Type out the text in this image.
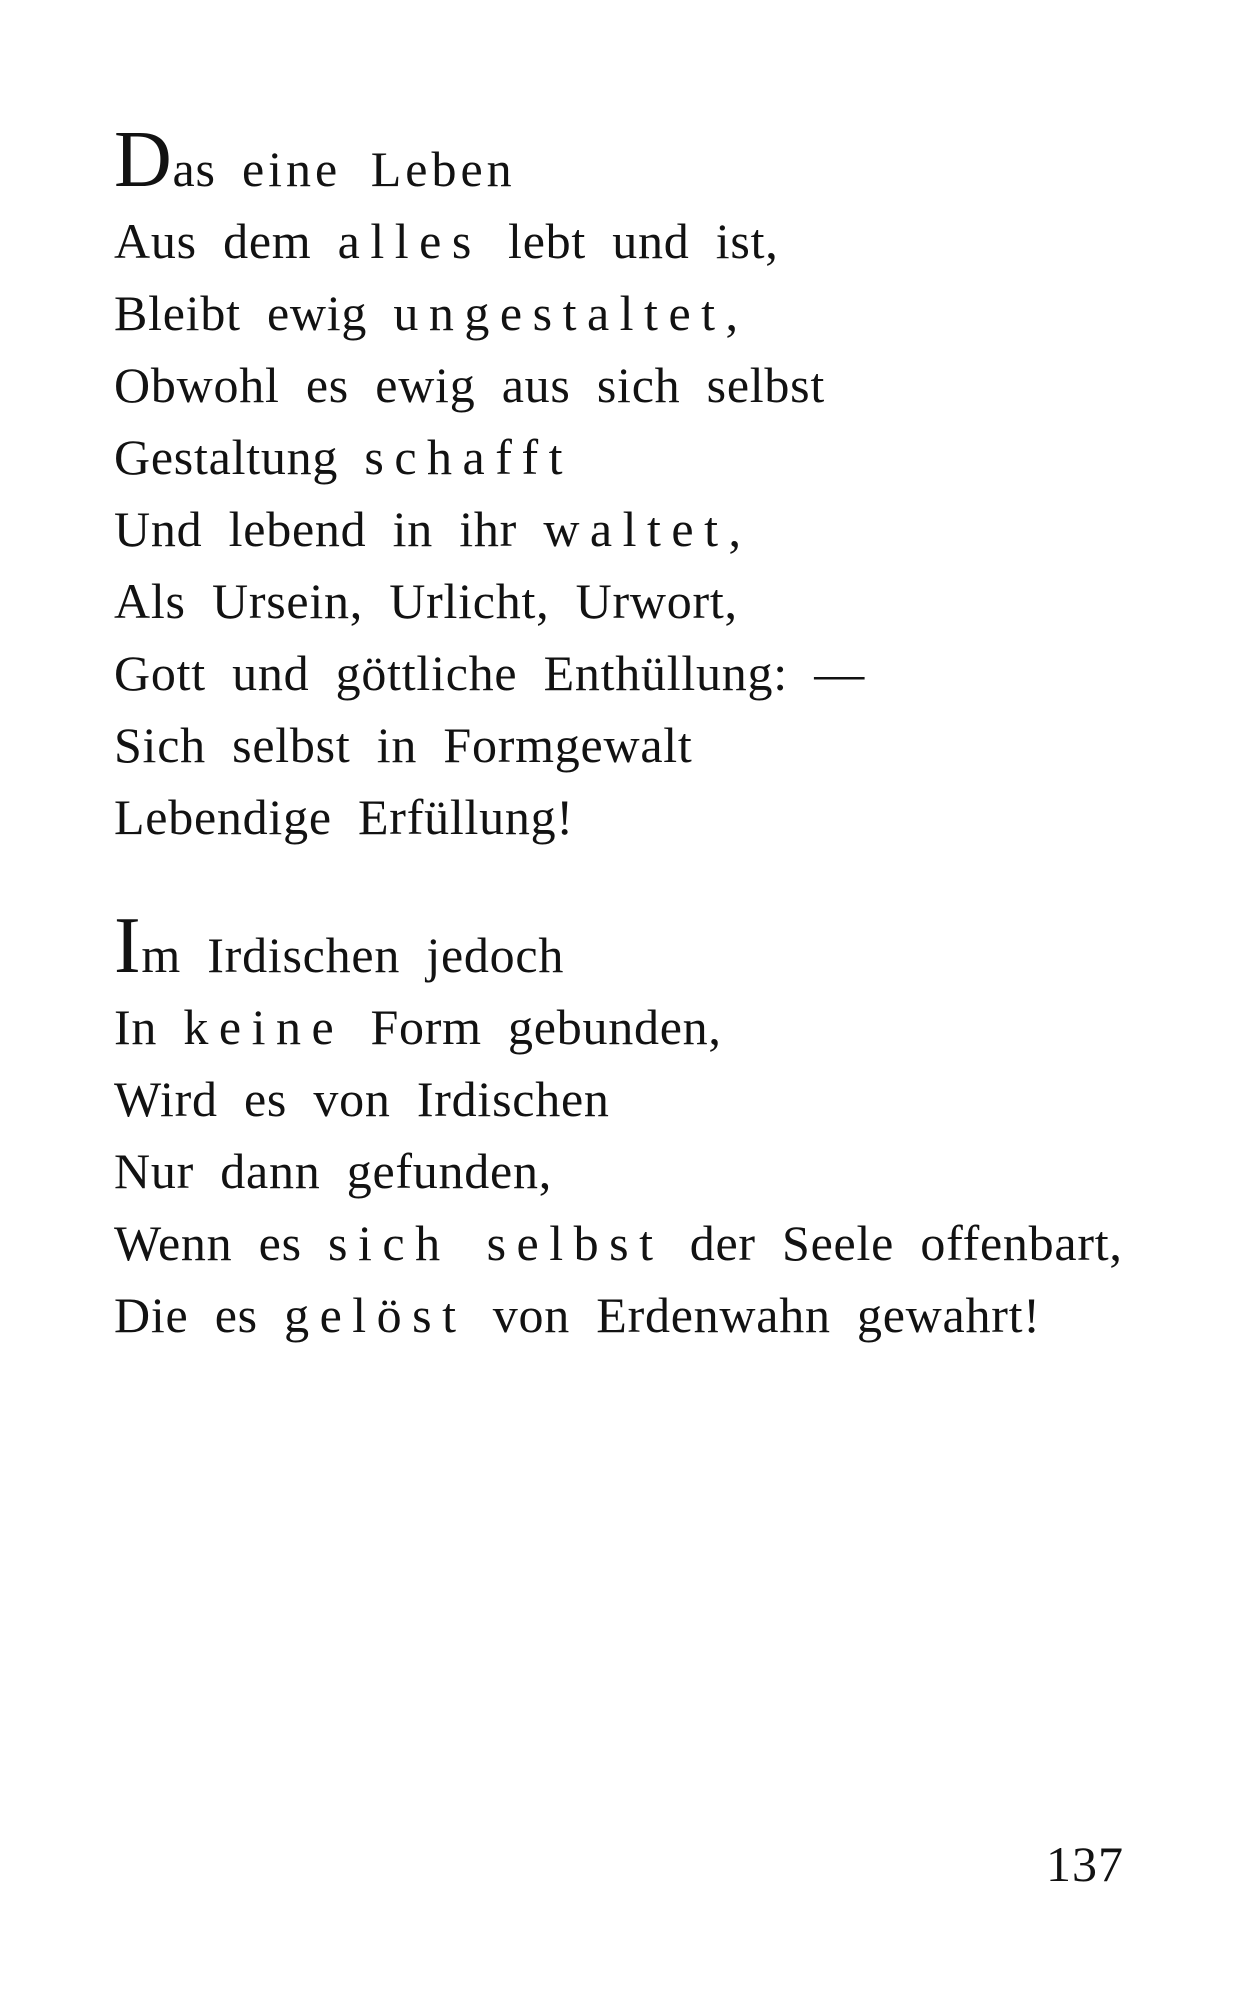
Das eine Leben
Aus dem alles lebt und ist,
Bleibt ewig ungestaltet,
Obwohl es ewig aus sich selbst
Gestaltung schafft
Und lebend in ihr waltet,
Als Ursein, Urlicht, Urwort,
Gott und göttliche Enthüllung: —
Sich selbst in Formgewalt
Lebendige Erfüllung!
Im Irdischen jedoch
In keine Form gebunden,
Wird es von Irdischen
Nur dann gefunden,
Wenn es sich selbst der Seele offenbart,
Die es gelöst von Erdenwahn gewahrt!
137
